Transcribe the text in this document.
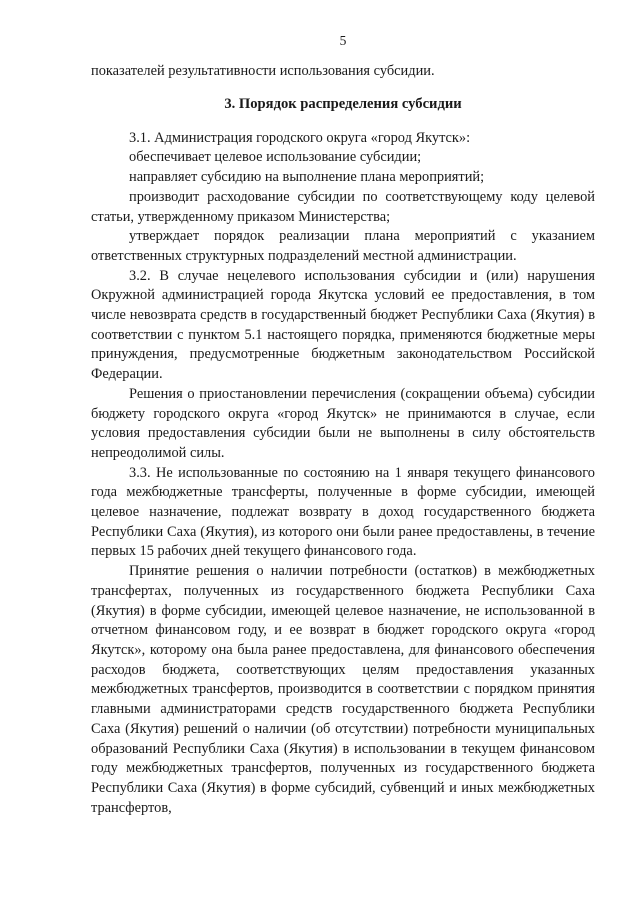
5

показателей результативности использования субсидии.

3. Порядок распределения субсидии

3.1. Администрация городского округа «город Якутск»:

обеспечивает целевое использование субсидии;

направляет субсидию на выполнение плана мероприятий;

производит расходование субсидии по соответствующему коду целевой статьи, утвержденному приказом Министерства;

утверждает порядок реализации плана мероприятий с указанием ответственных структурных подразделений местной администрации.

3.2. В случае нецелевого использования субсидии и (или) нарушения Окружной администрацией города Якутска условий ее предоставления, в том числе невозврата средств в государственный бюджет Республики Саха (Якутия) в соответствии с пунктом 5.1 настоящего порядка, применяются бюджетные меры принуждения, предусмотренные бюджетным законодательством Российской Федерации.

Решения о приостановлении перечисления (сокращении объема) субсидии бюджету городского округа «город Якутск» не принимаются в случае, если условия предоставления субсидии были не выполнены в силу обстоятельств непреодолимой силы.

3.3. Не использованные по состоянию на 1 января текущего финансового года межбюджетные трансферты, полученные в форме субсидии, имеющей целевое назначение, подлежат возврату в доход государственного бюджета Республики Саха (Якутия), из которого они были ранее предоставлены, в течение первых 15 рабочих дней текущего финансового года.

Принятие решения о наличии потребности (остатков) в межбюджетных трансфертах, полученных из государственного бюджета Республики Саха (Якутия) в форме субсидии, имеющей целевое назначение, не использованной в отчетном финансовом году, и ее возврат в бюджет городского округа «город Якутск», которому она была ранее предоставлена, для финансового обеспечения расходов бюджета, соответствующих целям предоставления указанных межбюджетных трансфертов, производится в соответствии с порядком принятия главными администраторами средств государственного бюджета Республики Саха (Якутия) решений о наличии (об отсутствии) потребности муниципальных образований Республики Саха (Якутия) в использовании в текущем финансовом году межбюджетных трансфертов, полученных из государственного бюджета Республики Саха (Якутия) в форме субсидий, субвенций и иных межбюджетных трансфертов,
